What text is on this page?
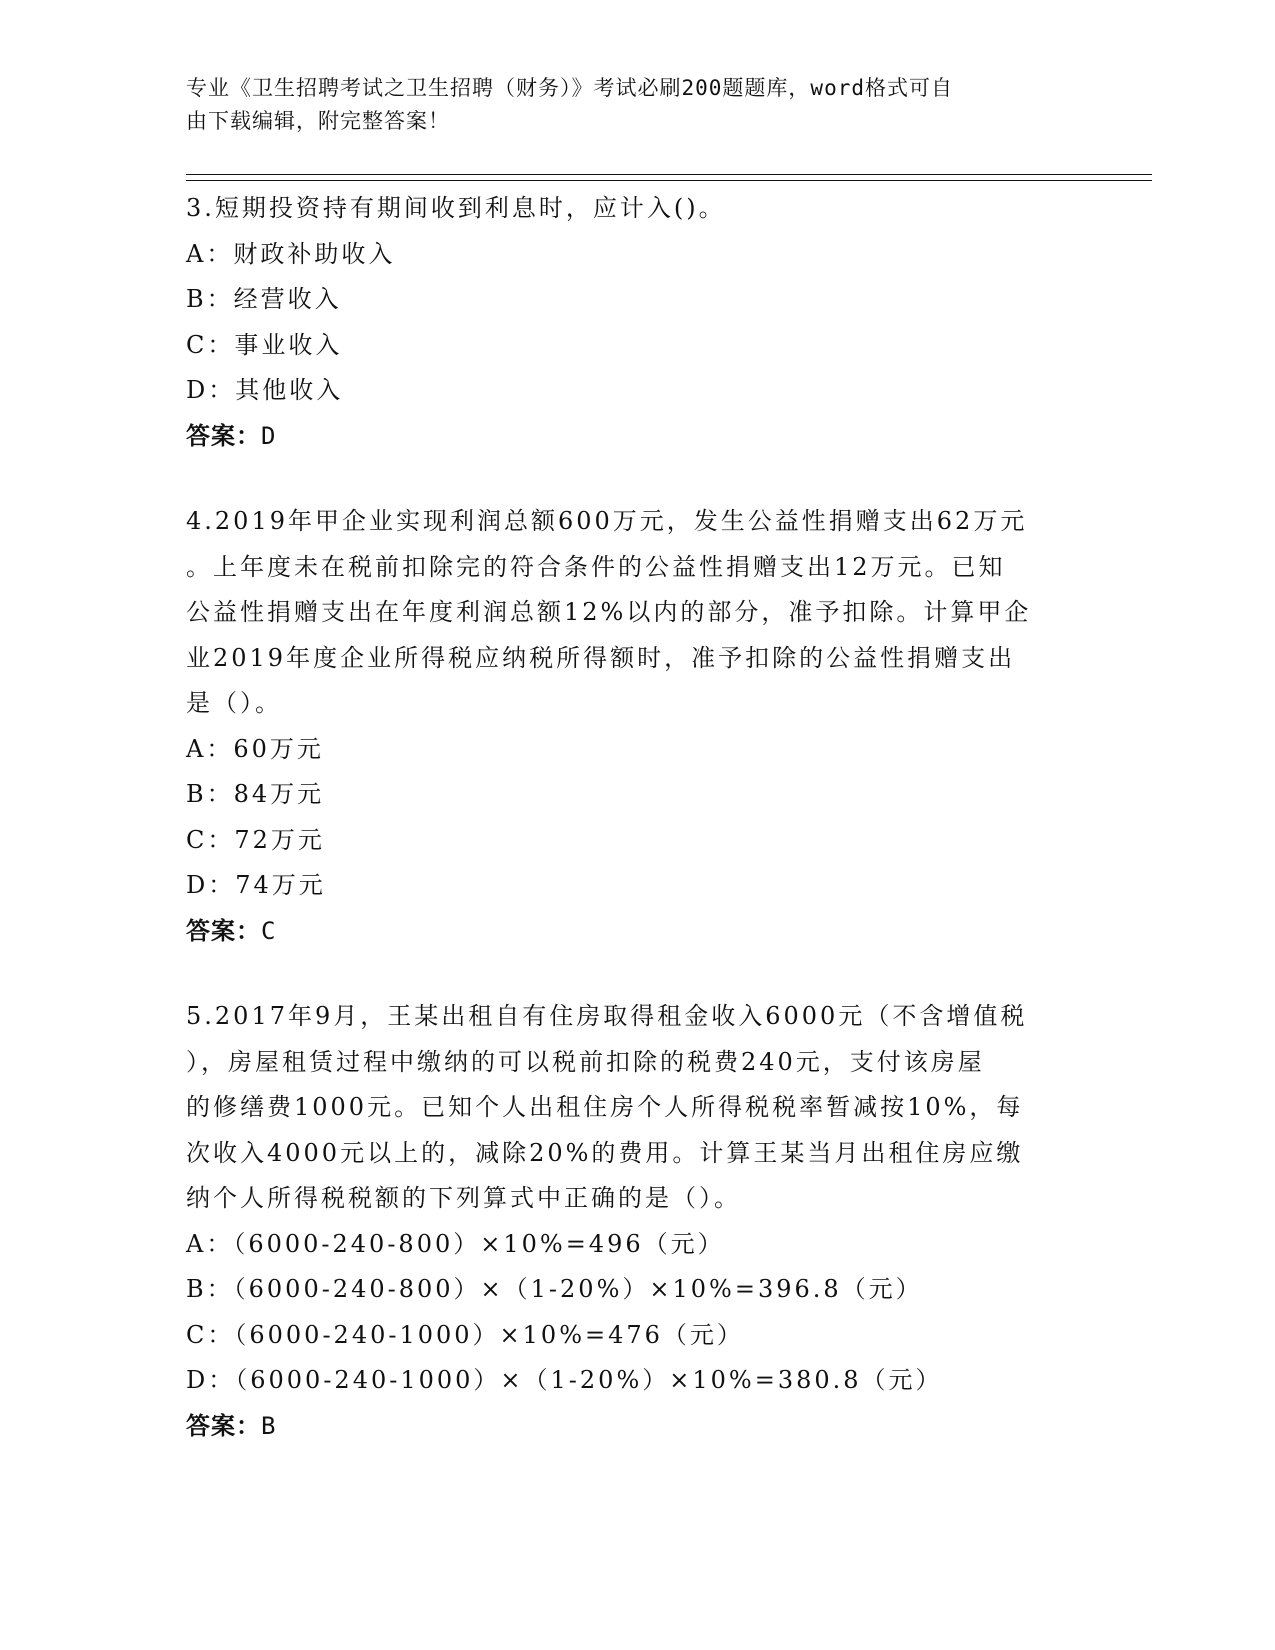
专业《卫生招聘考试之卫生招聘（财务）》考试必刷200题题库，word格式可自
由下载编辑，附完整答案！
3.短期投资持有期间收到利息时，应计入()。
A：财政补助收入
B：经营收入
C：事业收入
D：其他收入
答案：D
4.2019年甲企业实现利润总额600万元，发生公益性捐赠支出62万元
。上年度未在税前扣除完的符合条件的公益性捐赠支出12万元。已知
公益性捐赠支出在年度利润总额12%以内的部分，准予扣除。计算甲企
业2019年度企业所得税应纳税所得额时，准予扣除的公益性捐赠支出
是（）。
A：60万元
B：84万元
C：72万元
D：74万元
答案：C
5.2017年9月，王某出租自有住房取得租金收入6000元（不含增值税
），房屋租赁过程中缴纳的可以税前扣除的税费240元，支付该房屋
的修缮费1000元。已知个人出租住房个人所得税税率暂减按10%，每
次收入4000元以上的，减除20%的费用。计算王某当月出租住房应缴
纳个人所得税税额的下列算式中正确的是（）。
A：（6000-240-800）×10%=496（元）
B：（6000-240-800）×（1-20%）×10%=396.8（元）
C：（6000-240-1000）×10%=476（元）
D：（6000-240-1000）×（1-20%）×10%=380.8（元）
答案：B
